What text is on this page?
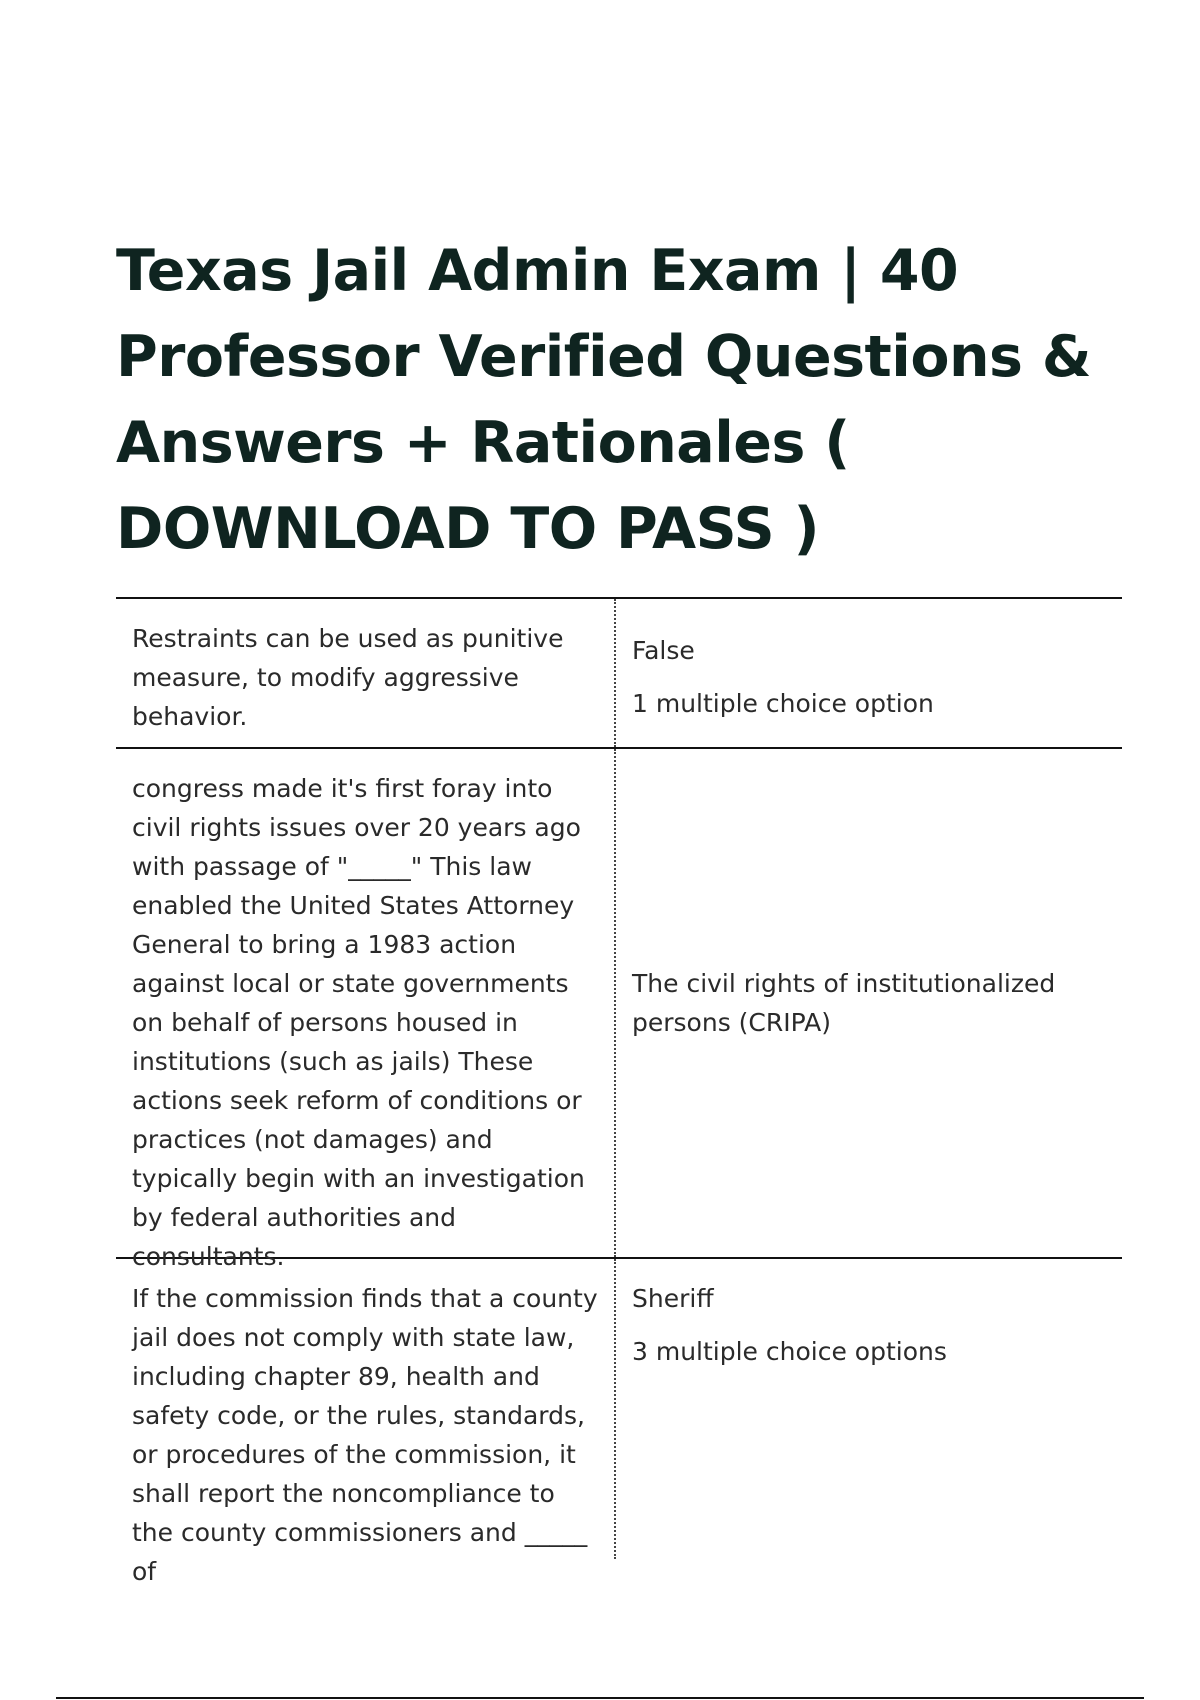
Texas Jail Admin Exam | 40 Professor Verified Questions & Answers + Rationales ( DOWNLOAD TO PASS )
Restraints can be used as punitive measure, to modify aggressive behavior.
False
1 multiple choice option
congress made it's first foray into civil rights issues over 20 years ago with passage of "_____" This law enabled the United States Attorney General to bring a 1983 action against local or state governments on behalf of persons housed in institutions (such as jails) These actions seek reform of conditions or practices (not damages) and typically begin with an investigation by federal authorities and consultants.
The civil rights of institutionalized persons (CRIPA)
If the commission finds that a county jail does not comply with state law, including chapter 89, health and safety code, or the rules, standards, or procedures of the commission, it shall report the noncompliance to the county commissioners and _____ of
Sheriff
3 multiple choice options
